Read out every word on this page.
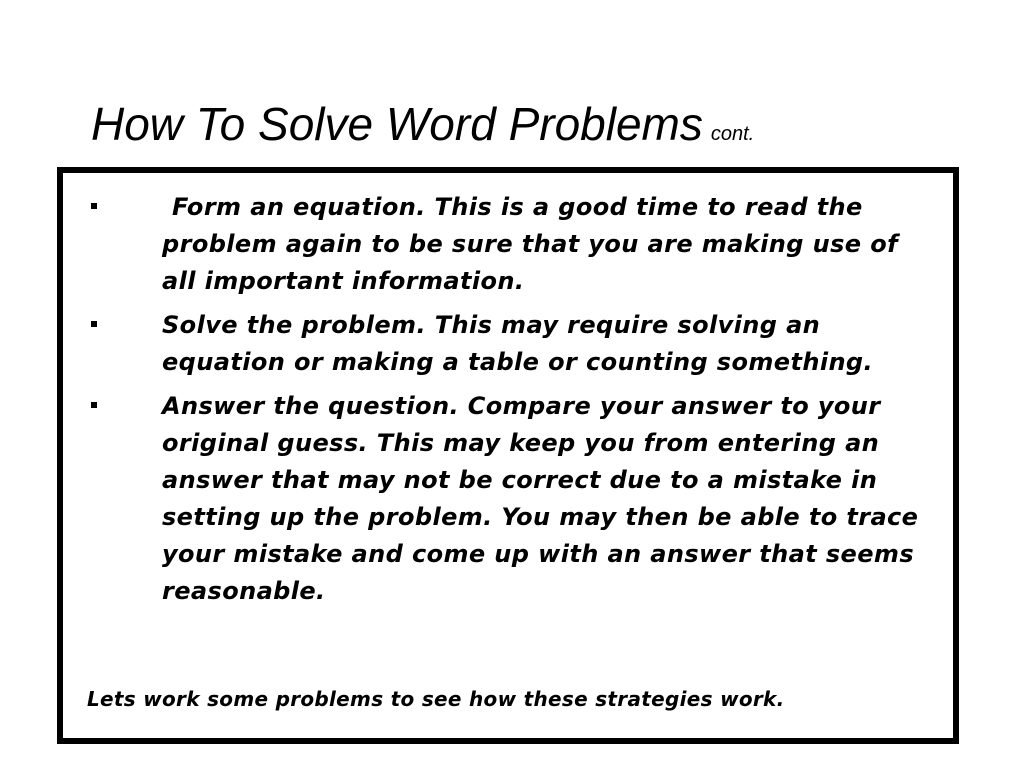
How To Solve Word Problems cont.
Form an equation. This is a good time to read the problem again to be sure that you are making use of all important information.
Solve the problem. This may require solving an equation or making a table or counting something.
Answer the question. Compare your answer to your original guess. This may keep you from entering an answer that may not be correct due to a mistake in setting up the problem. You may then be able to trace your mistake and come up with an answer that seems reasonable.

Lets work some problems to see how these strategies work.
